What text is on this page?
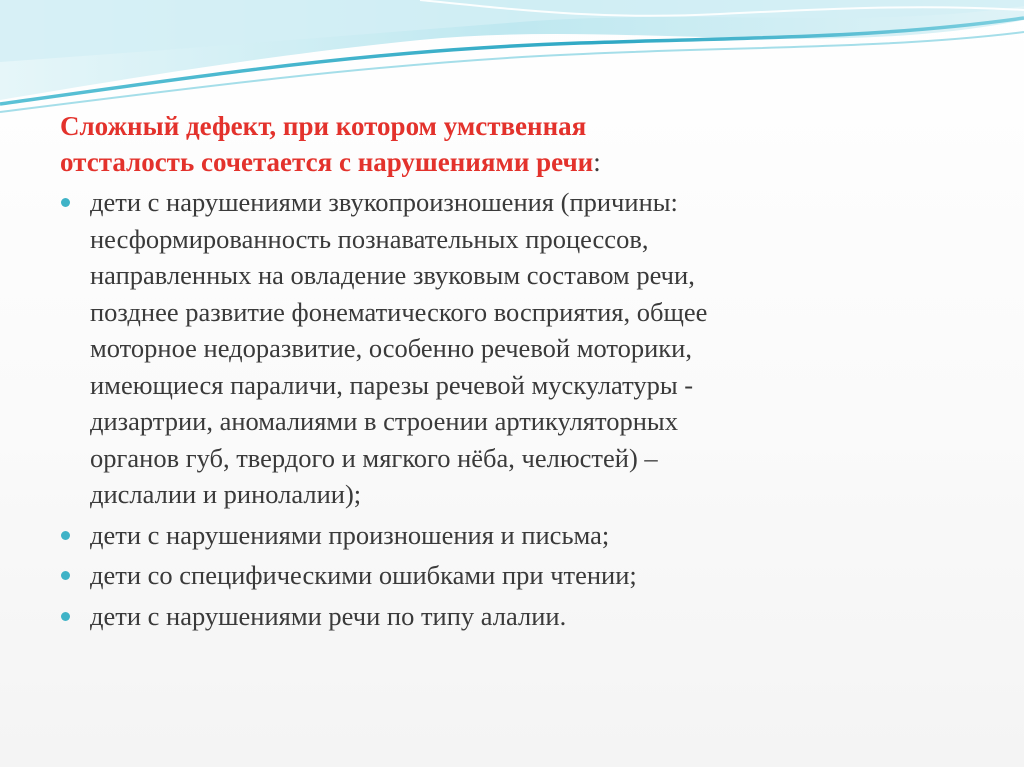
Сложный дефект, при котором умственная
отсталость сочетается с нарушениями речи:
дети с нарушениями звукопроизношения (причины:
несформированность познавательных процессов,
направленных на овладение звуковым составом речи,
позднее развитие фонематического восприятия, общее
моторное недоразвитие, особенно речевой моторики,
имеющиеся параличи, парезы речевой мускулатуры -
дизартрии, аномалиями в строении артикуляторных
органов губ, твердого и мягкого нёба, челюстей) –
дислалии и ринолалии);
дети с нарушениями произношения и письма;
дети со специфическими ошибками при чтении;
дети с нарушениями речи по типу алалии.
